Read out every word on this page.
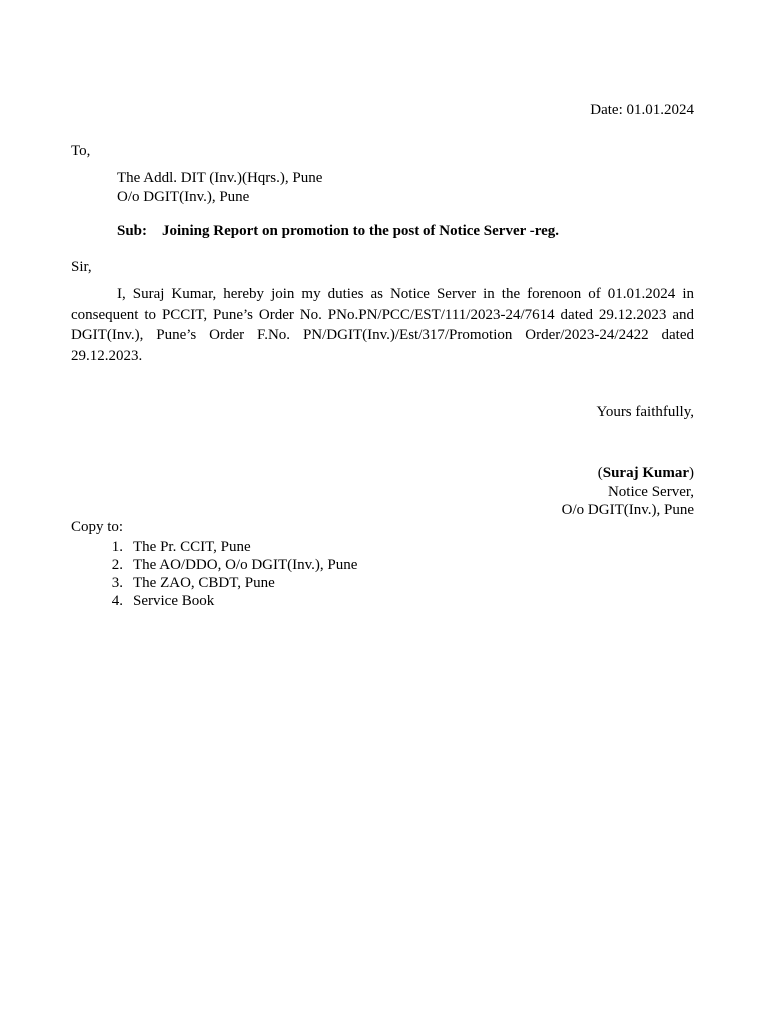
Date: 01.01.2024
To,
The Addl. DIT (Inv.)(Hqrs.), Pune
O/o DGIT(Inv.), Pune
Sub: Joining Report on promotion to the post of Notice Server -reg.
Sir,

I, Suraj Kumar, hereby join my duties as Notice Server in the forenoon of 01.01.2024 in consequent to PCCIT, Pune’s Order No. PNo.PN/PCC/EST/111/2023-24/7614 dated 29.12.2023 and DGIT(Inv.), Pune’s Order F.No. PN/DGIT(Inv.)/Est/317/Promotion Order/2023-24/2422 dated 29.12.2023.

Yours faithfully,
(Suraj Kumar)
Notice Server,
O/o DGIT(Inv.), Pune
Copy to:
1. The Pr. CCIT, Pune
2. The AO/DDO, O/o DGIT(Inv.), Pune
3. The ZAO, CBDT, Pune
4. Service Book
